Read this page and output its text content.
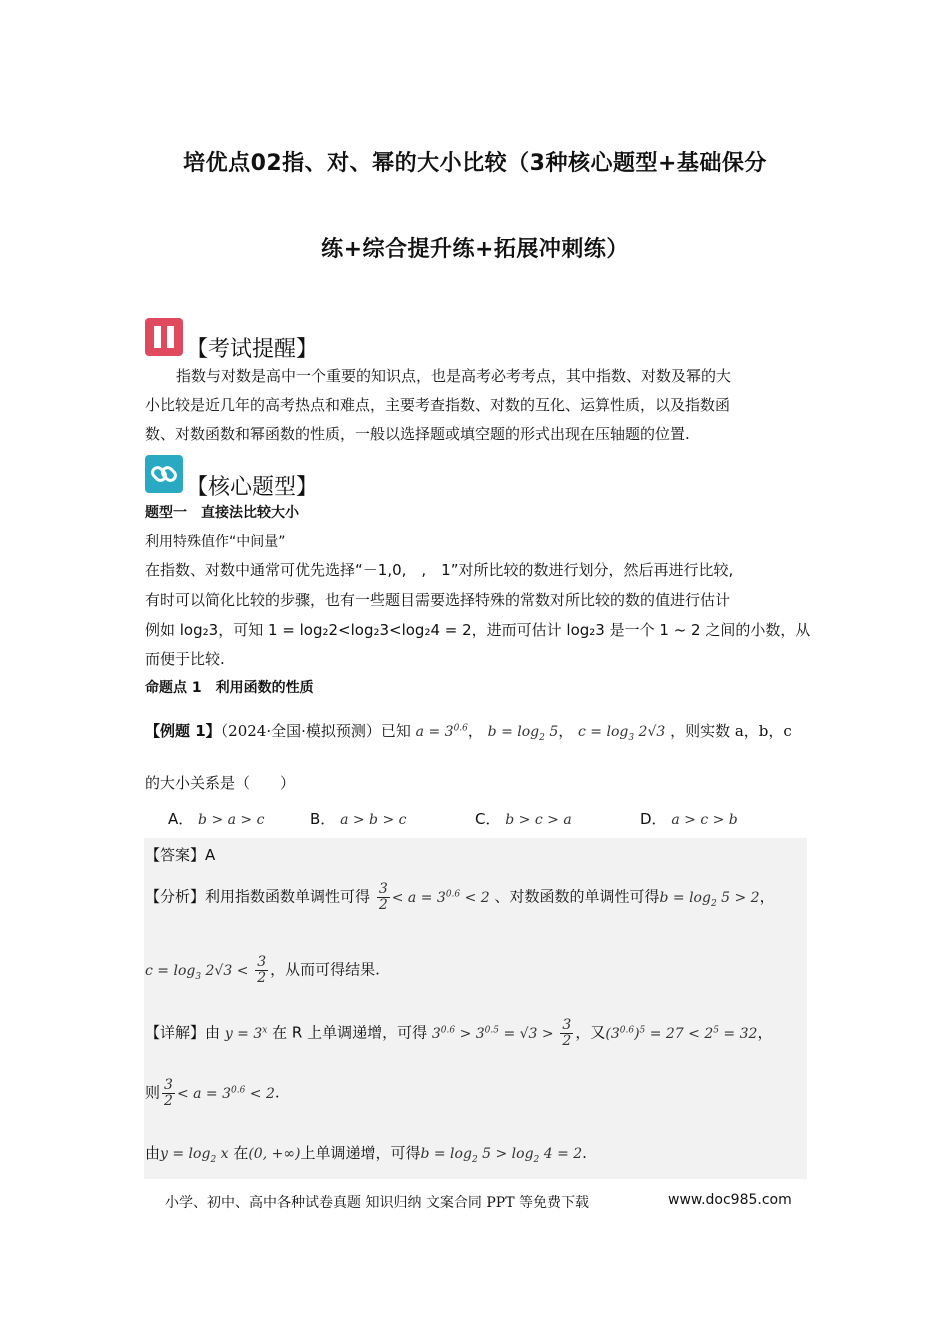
培优点02指、对、幂的大小比较（3种核心题型+基础保分
练+综合提升练+拓展冲刺练）
【考试提醒】
指数与对数是高中一个重要的知识点，也是高考必考考点，其中指数、对数及幂的大
小比较是近几年的高考热点和难点，主要考查指数、对数的互化、运算性质，以及指数函
数、对数函数和幂函数的性质，一般以选择题或填空题的形式出现在压轴题的位置.
【核心题型】
题型一　直接法比较大小
利用特殊值作“中间量”
在指数、对数中通常可优先选择“－1,0,　,　1”对所比较的数进行划分，然后再进行比较,
有时可以简化比较的步骤，也有一些题目需要选择特殊的常数对所比较的数的值进行估计
例如 log₂3，可知 1 = log₂2<log₂3<log₂4 = 2，进而可估计 log₂3 是一个 1 ~ 2 之间的小数，从
而便于比较.
命题点 1　利用函数的性质
【例题 1】（2024·全国·模拟预测）已知 $a = 3^{0.6}$， $b = \log_2 5$， $c = \log_3 2√3$ ，则实数 a，b，c
的大小关系是（　　）
A． b > a > c	B． a > b > c	C． b > c > a	D． a > c > b
【答案】A
【分析】利用指数函数单调性可得 $\frac{3}{2} < a = 3^{0.6} < 2$ 、对数函数的单调性可得$b = \log_2 5 > 2$，
$c = \log_3 2√3 < \frac{3}{2}$ ，从而可得结果.
【详解】由 $y = 3^x$ 在 R 上单调递增，可得 $3^{0.6} > 3^{0.5} = √3 > \frac{3}{2}$ ，又$(3^{0.6})^5 = 27 < 2^5 = 32$，
则 $\frac{3}{2} < a = 3^{0.6} < 2$.
由$y = \log_2 x$ 在(0, +∞)上单调递增，可得$b = \log_2 5 > \log_2 4 = 2$.
小学、初中、高中各种试卷真题 知识归纳 文案合同 PPT 等免费下载	www.doc985.com
